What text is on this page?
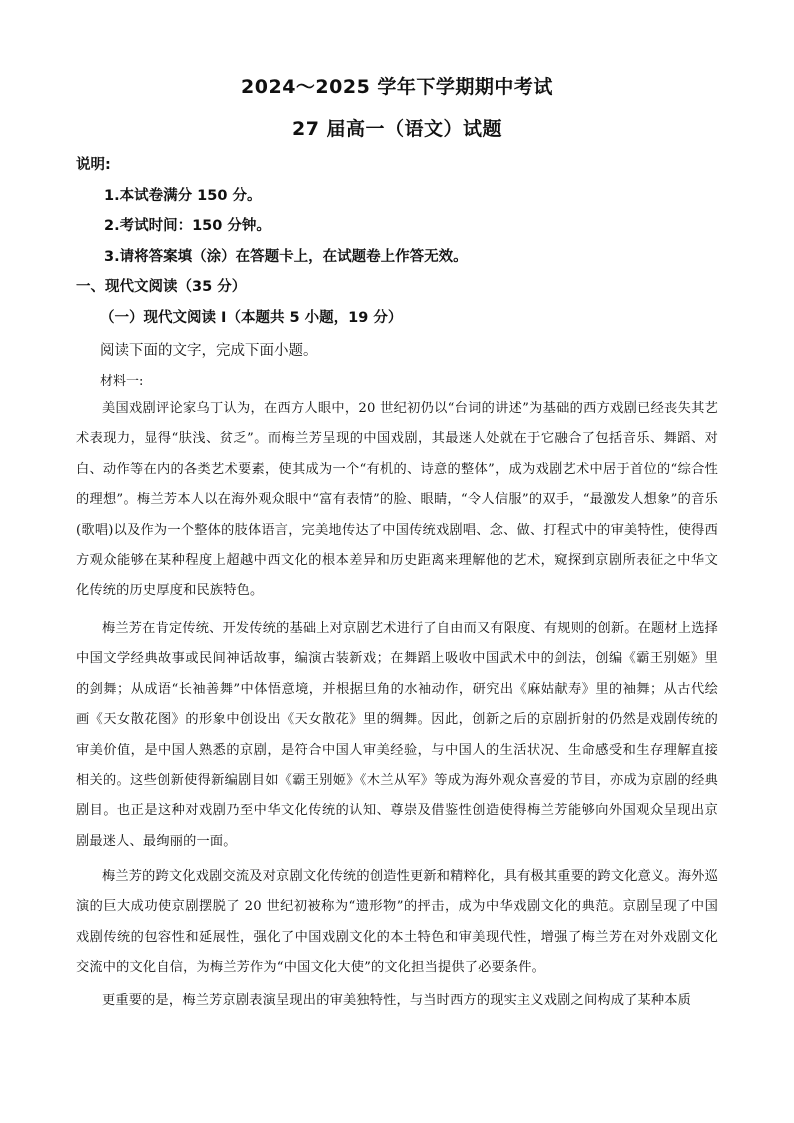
2024～2025 学年下学期期中考试
27 届高一（语文）试题
说明:
1.本试卷满分 150 分。
2.考试时间：150 分钟。
3.请将答案填（涂）在答题卡上，在试题卷上作答无效。
一、现代文阅读（35 分）
（一）现代文阅读 I（本题共 5 小题，19 分）
阅读下面的文字，完成下面小题。
材料一:

美国戏剧评论家乌丁认为，在西方人眼中，20 世纪初仍以“台词的讲述”为基础的西方戏剧已经丧失其艺术表现力，显得“肤浅、贫乏”。而梅兰芳呈现的中国戏剧，其最迷人处就在于它融合了包括音乐、舞蹈、对白、动作等在内的各类艺术要素，使其成为一个“有机的、诗意的整体”，成为戏剧艺术中居于首位的“综合性的理想”。梅兰芳本人以在海外观众眼中“富有表情”的脸、眼睛，“令人信服”的双手，“最激发人想象”的音乐(歌唱)以及作为一个整体的肢体语言，完美地传达了中国传统戏剧唱、念、做、打程式中的审美特性，使得西方观众能够在某种程度上超越中西文化的根本差异和历史距离来理解他的艺术，窥探到京剧所表征之中华文化传统的历史厚度和民族特色。

梅兰芳在肯定传统、开发传统的基础上对京剧艺术进行了自由而又有限度、有规则的创新。在题材上选择中国文学经典故事或民间神话故事，编演古装新戏；在舞蹈上吸收中国武术中的剑法，创编《霸王别姬》里的剑舞；从成语“长袖善舞”中体悟意境，并根据旦角的水袖动作，研究出《麻姑献寿》里的袖舞；从古代绘画《天女散花图》的形象中创设出《天女散花》里的绸舞。因此，创新之后的京剧折射的仍然是戏剧传统的审美价值，是中国人熟悉的京剧，是符合中国人审美经验，与中国人的生活状况、生命感受和生存理解直接相关的。这些创新使得新编剧目如《霸王别姬》《木兰从军》等成为海外观众喜爱的节目，亦成为京剧的经典剧目。也正是这种对戏剧乃至中华文化传统的认知、尊崇及借鉴性创造使得梅兰芳能够向外国观众呈现出京剧最迷人、最绚丽的一面。

梅兰芳的跨文化戏剧交流及对京剧文化传统的创造性更新和精粹化，具有极其重要的跨文化意义。海外巡演的巨大成功使京剧摆脱了 20 世纪初被称为“遗形物”的抨击，成为中华戏剧文化的典范。京剧呈现了中国戏剧传统的包容性和延展性，强化了中国戏剧文化的本土特色和审美现代性，增强了梅兰芳在对外戏剧文化交流中的文化自信，为梅兰芳作为“中国文化大使”的文化担当提供了必要条件。

更重要的是，梅兰芳京剧表演呈现出的审美独特性，与当时西方的现实主义戏剧之间构成了某种本质
